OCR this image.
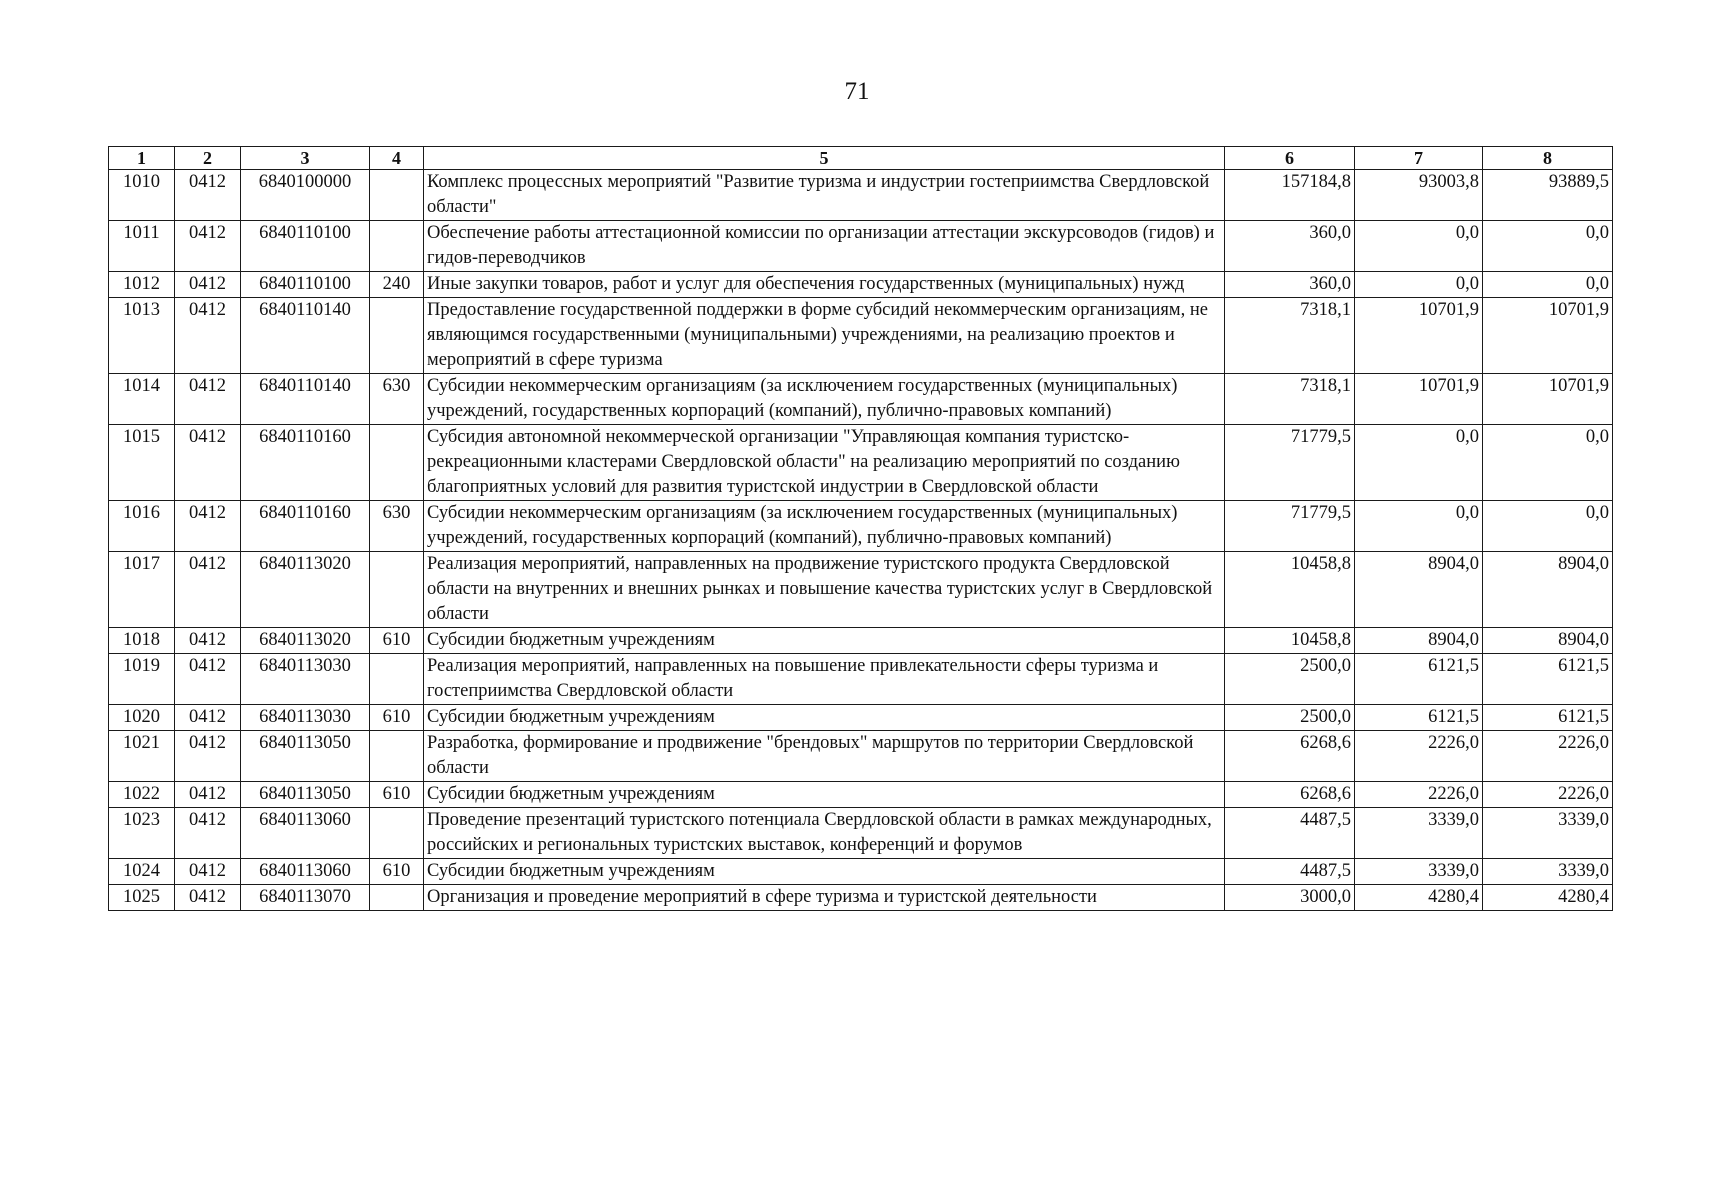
71
1	2	3	4	5	6	7	8
1010	0412	6840100000		Комплекс процессных мероприятий "Развитие туризма и индустрии гостеприимства Свердловской области"	157184,8	93003,8	93889,5
1011	0412	6840110100		Обеспечение работы аттестационной комиссии по организации аттестации экскурсоводов (гидов) и гидов-переводчиков	360,0	0,0	0,0
1012	0412	6840110100	240	Иные закупки товаров, работ и услуг для обеспечения государственных (муниципальных) нужд	360,0	0,0	0,0
1013	0412	6840110140		Предоставление государственной поддержки в форме субсидий некоммерческим организациям, не являющимся государственными (муниципальными) учреждениями, на реализацию проектов и мероприятий в сфере туризма	7318,1	10701,9	10701,9
1014	0412	6840110140	630	Субсидии некоммерческим организациям (за исключением государственных (муниципальных) учреждений, государственных корпораций (компаний), публично-правовых компаний)	7318,1	10701,9	10701,9
1015	0412	6840110160		Субсидия автономной некоммерческой организации "Управляющая компания туристско-рекреационными кластерами Свердловской области" на реализацию мероприятий по созданию благоприятных условий для развития туристской индустрии в Свердловской области	71779,5	0,0	0,0
1016	0412	6840110160	630	Субсидии некоммерческим организациям (за исключением государственных (муниципальных) учреждений, государственных корпораций (компаний), публично-правовых компаний)	71779,5	0,0	0,0
1017	0412	6840113020		Реализация мероприятий, направленных на продвижение туристского продукта Свердловской области на внутренних и внешних рынках и повышение качества туристских услуг в Свердловской области	10458,8	8904,0	8904,0
1018	0412	6840113020	610	Субсидии бюджетным учреждениям	10458,8	8904,0	8904,0
1019	0412	6840113030		Реализация мероприятий, направленных на повышение привлекательности сферы туризма и гостеприимства Свердловской области	2500,0	6121,5	6121,5
1020	0412	6840113030	610	Субсидии бюджетным учреждениям	2500,0	6121,5	6121,5
1021	0412	6840113050		Разработка, формирование и продвижение "брендовых" маршрутов по территории Свердловской области	6268,6	2226,0	2226,0
1022	0412	6840113050	610	Субсидии бюджетным учреждениям	6268,6	2226,0	2226,0
1023	0412	6840113060		Проведение презентаций туристского потенциала Свердловской области в рамках международных, российских и региональных туристских выставок, конференций и форумов	4487,5	3339,0	3339,0
1024	0412	6840113060	610	Субсидии бюджетным учреждениям	4487,5	3339,0	3339,0
1025	0412	6840113070		Организация и проведение мероприятий в сфере туризма и туристской деятельности	3000,0	4280,4	4280,4
